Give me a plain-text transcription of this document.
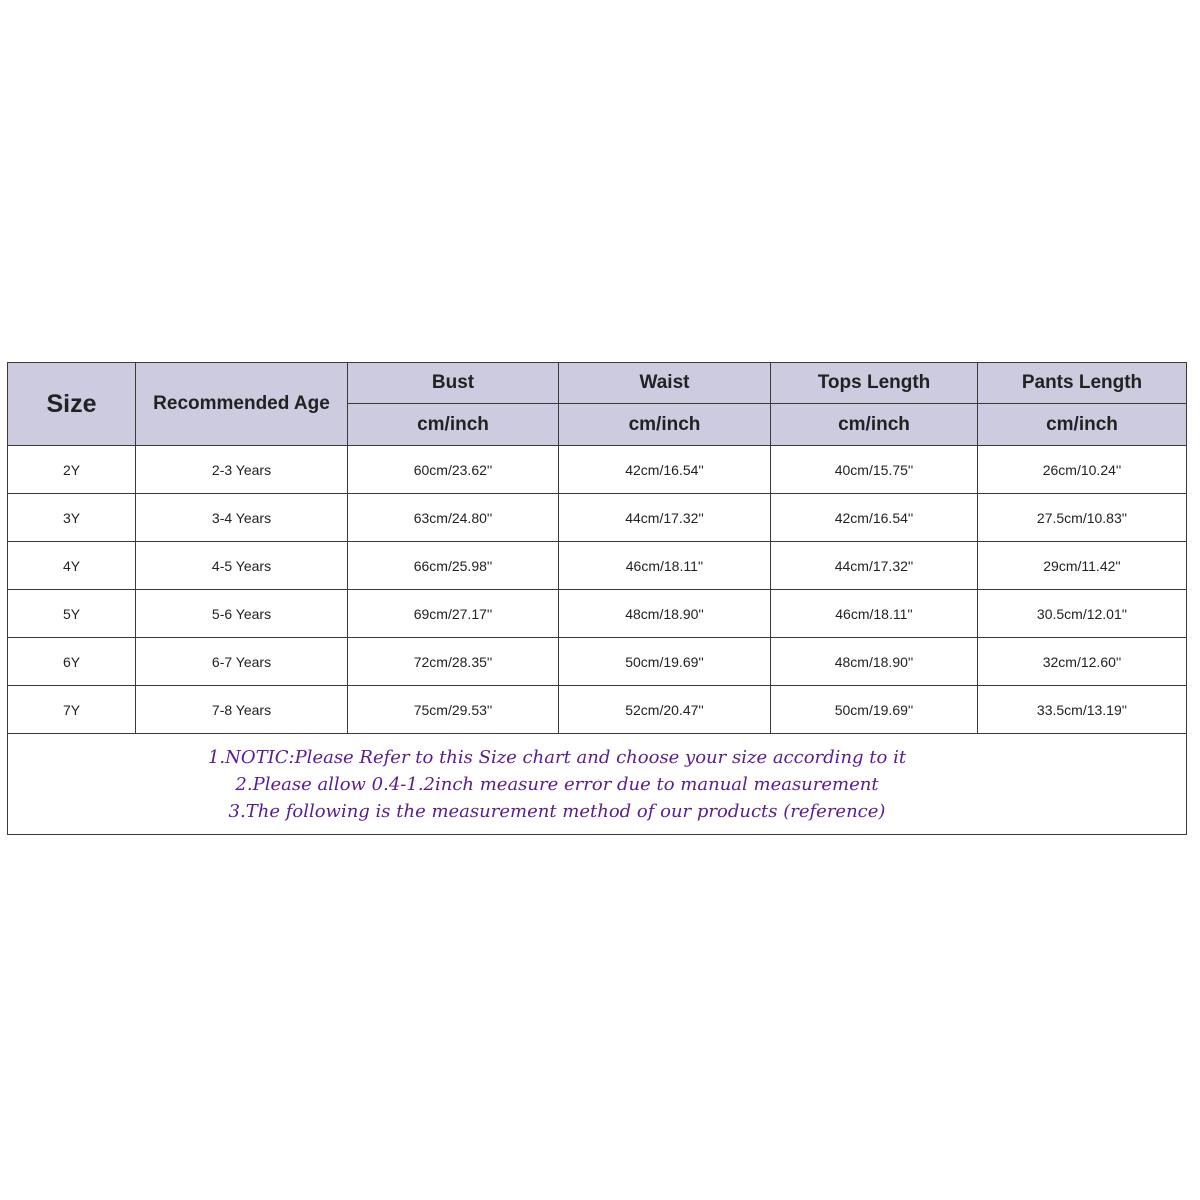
Size	Recommended Age	Bust	Waist	Tops Length	Pants Length
		cm/inch	cm/inch	cm/inch	cm/inch
2Y	2-3 Years	60cm/23.62''	42cm/16.54''	40cm/15.75''	26cm/10.24''
3Y	3-4 Years	63cm/24.80''	44cm/17.32''	42cm/16.54''	27.5cm/10.83''
4Y	4-5 Years	66cm/25.98''	46cm/18.11''	44cm/17.32''	29cm/11.42''
5Y	5-6 Years	69cm/27.17''	48cm/18.90''	46cm/18.11''	30.5cm/12.01''
6Y	6-7 Years	72cm/28.35''	50cm/19.69''	48cm/18.90''	32cm/12.60''
7Y	7-8 Years	75cm/29.53''	52cm/20.47''	50cm/19.69''	33.5cm/13.19''

1.NOTIC:Please Refer to this Size chart and choose your size according to it
2.Please allow 0.4-1.2inch measure error due to manual measurement
3.The following is the measurement method of our products (reference)					
